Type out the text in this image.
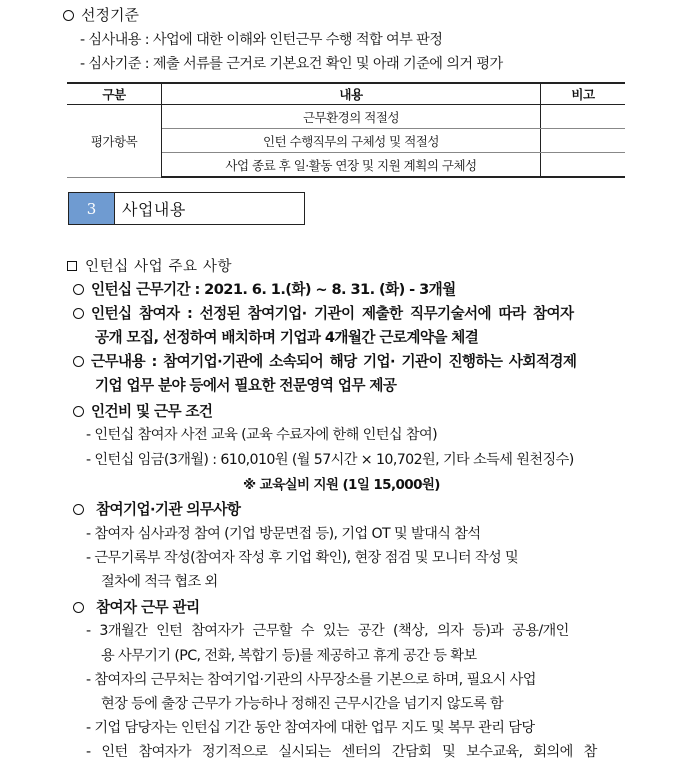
선정기준
- 심사내용 : 사업에 대한 이해와 인턴근무 수행 적합 여부 판정
- 심사기준 : 제출 서류를 근거로 기본요건 확인 및 아래 기준에 의거 평가
구분	내용	비고
평가항목	근무환경의 적절성	
	인턴 수행직무의 구체성 및 적절성	
	사업 종료 후 일·활동 연장 및 지원 계획의 구체성	
3	사업내용
인턴십 사업 주요 사항
인턴십 근무기간 : 2021. 6. 1.(화) ~ 8. 31. (화) - 3개월
인턴십 참여자 : 선정된 참여기업· 기관이 제출한 직무기술서에 따라 참여자
공개 모집, 선정하여 배치하며 기업과 4개월간 근로계약을 체결
근무내용 : 참여기업·기관에 소속되어 해당 기업· 기관이 진행하는 사회적경제
기업 업무 분야 등에서 필요한 전문영역 업무 제공
인건비 및 근무 조건
- 인턴십 참여자 사전 교육 (교육 수료자에 한해 인턴십 참여)
- 인턴십 임금(3개월) : 610,010원 (월 57시간 × 10,702원, 기타 소득세 원천징수)
※ 교육실비 지원 (1일 15,000원)
참여기업·기관 의무사항
- 참여자 심사과정 참여 (기업 방문면접 등), 기업 OT 및 발대식 참석
- 근무기록부 작성(참여자 작성 후 기업 확인), 현장 점검 및 모니터 작성 및
절차에 적극 협조 외
참여자 근무 관리
- 3개월간 인턴 참여자가 근무할 수 있는 공간 (책상, 의자 등)과 공용/개인
용 사무기기 (PC, 전화, 복합기 등)를 제공하고 휴게 공간 등 확보
- 참여자의 근무처는 참여기업·기관의 사무장소를 기본으로 하며, 필요시 사업
현장 등에 출장 근무가 가능하나 정해진 근무시간을 넘기지 않도록 함
- 기업 담당자는 인턴십 기간 동안 참여자에 대한 업무 지도 및 복무 관리 담당
- 인턴 참여자가 정기적으로 실시되는 센터의 간담회 및 보수교육, 회의에 참
